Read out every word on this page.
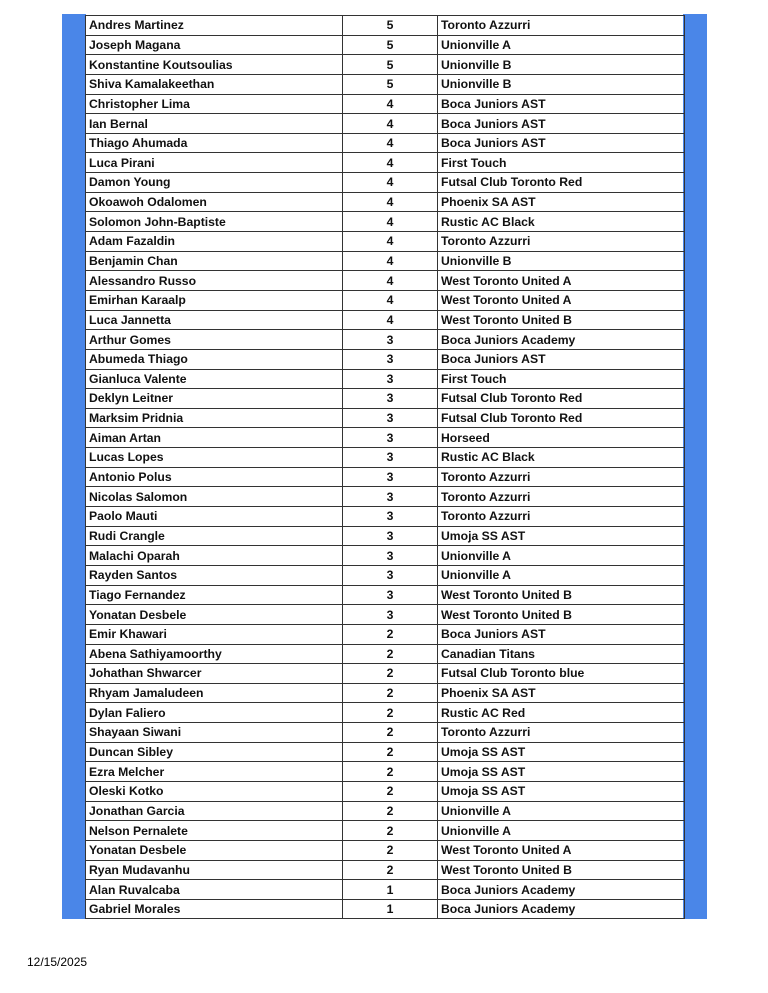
Andres Martinez	5	Toronto Azzurri
Joseph Magana	5	Unionville A
Konstantine Koutsoulias	5	Unionville B
Shiva Kamalakeethan	5	Unionville B
Christopher Lima	4	Boca Juniors AST
Ian Bernal	4	Boca Juniors AST
Thiago Ahumada	4	Boca Juniors AST
Luca Pirani	4	First Touch
Damon Young	4	Futsal Club Toronto Red
Okoawoh Odalomen	4	Phoenix SA AST
Solomon John-Baptiste	4	Rustic AC Black
Adam Fazaldin	4	Toronto Azzurri
Benjamin Chan	4	Unionville B
Alessandro Russo	4	West Toronto United A
Emirhan Karaalp	4	West Toronto United A
Luca Jannetta	4	West Toronto United B
Arthur Gomes	3	Boca Juniors Academy
Abumeda Thiago	3	Boca Juniors AST
Gianluca Valente	3	First Touch
Deklyn Leitner	3	Futsal Club Toronto Red
Marksim Pridnia	3	Futsal Club Toronto Red
Aiman Artan	3	Horseed
Lucas Lopes	3	Rustic AC Black
Antonio Polus	3	Toronto Azzurri
Nicolas Salomon	3	Toronto Azzurri
Paolo Mauti	3	Toronto Azzurri
Rudi Crangle	3	Umoja SS AST
Malachi Oparah	3	Unionville A
Rayden Santos	3	Unionville A
Tiago Fernandez	3	West Toronto United B
Yonatan Desbele	3	West Toronto United B
Emir Khawari	2	Boca Juniors AST
Abena Sathiyamoorthy	2	Canadian Titans
Johathan Shwarcer	2	Futsal Club Toronto blue
Rhyam Jamaludeen	2	Phoenix SA AST
Dylan Faliero	2	Rustic AC Red
Shayaan Siwani	2	Toronto Azzurri
Duncan Sibley	2	Umoja SS AST
Ezra Melcher	2	Umoja SS AST
Oleski Kotko	2	Umoja SS AST
Jonathan Garcia	2	Unionville A
Nelson Pernalete	2	Unionville A
Yonatan Desbele	2	West Toronto United A
Ryan Mudavanhu	2	West Toronto United B
Alan Ruvalcaba	1	Boca Juniors Academy
Gabriel Morales	1	Boca Juniors Academy
12/15/2025
